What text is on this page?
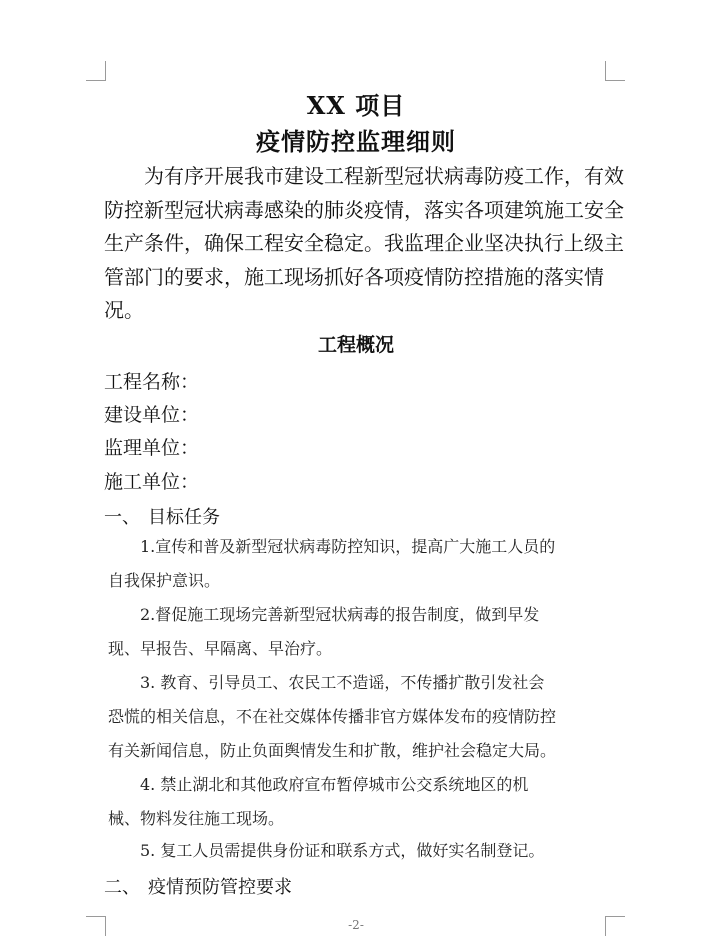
XX 项目
疫情防控监理细则
为有序开展我市建设工程新型冠状病毒防疫工作，有效
防控新型冠状病毒感染的肺炎疫情，落实各项建筑施工安全
生产条件，确保工程安全稳定。我监理企业坚决执行上级主
管部门的要求，施工现场抓好各项疫情防控措施的落实情
况。
工程概况
工程名称：
建设单位：
监理单位：
施工单位：
一、 目标任务
1.宣传和普及新型冠状病毒防控知识，提高广大施工人员的
自我保护意识。
2.督促施工现场完善新型冠状病毒的报告制度，做到早发
现、早报告、早隔离、早治疗。
3. 教育、引导员工、农民工不造谣，不传播扩散引发社会
恐慌的相关信息，不在社交媒体传播非官方媒体发布的疫情防控
有关新闻信息，防止负面舆情发生和扩散，维护社会稳定大局。
4. 禁止湖北和其他政府宣布暂停城市公交系统地区的机
械、物料发往施工现场。
5. 复工人员需提供身份证和联系方式，做好实名制登记。
二、 疫情预防管控要求
-2-
